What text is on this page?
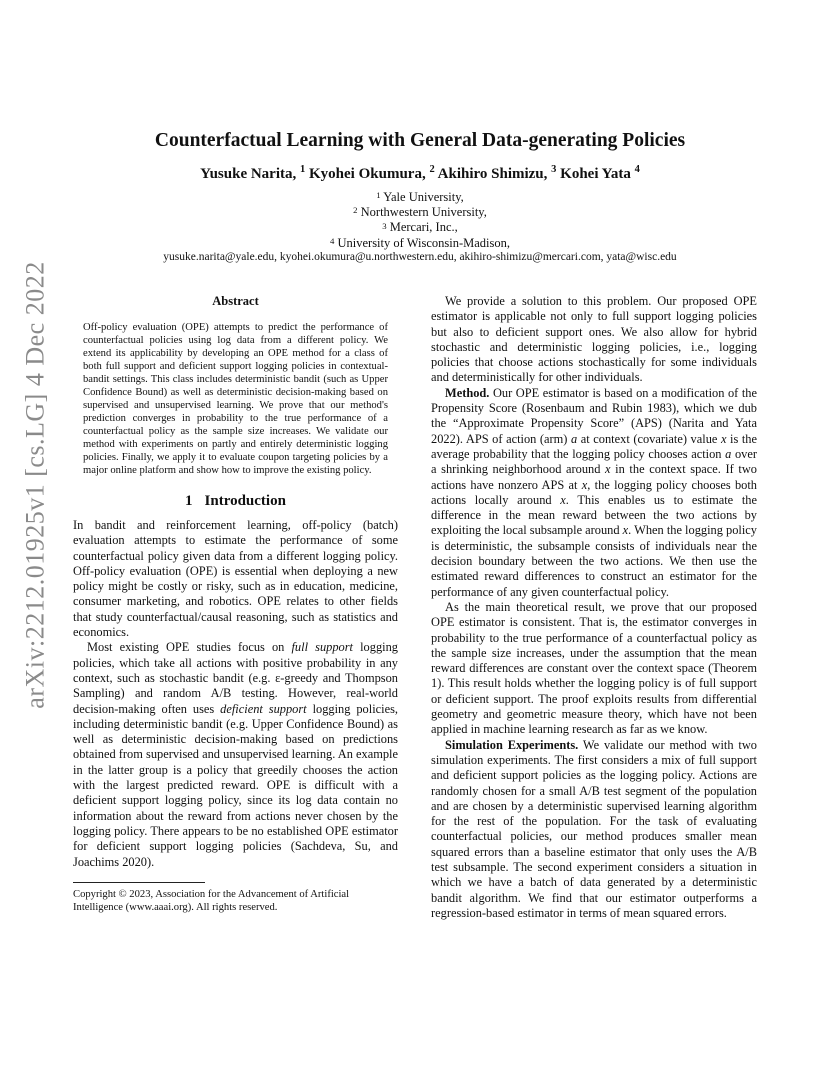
arXiv:2212.01925v1 [cs.LG] 4 Dec 2022
Counterfactual Learning with General Data-generating Policies
Yusuke Narita, $^1$ Kyohei Okumura, $^2$ Akihiro Shimizu, $^3$ Kohei Yata $^4$
$^1$ Yale University,
$^2$ Northwestern University,
$^3$ Mercari, Inc.,
$^4$ University of Wisconsin-Madison,
yusuke.narita@yale.edu, kyohei.okumura@u.northwestern.edu, akihiro-shimizu@mercari.com, yata@wisc.edu
Abstract

Off-policy evaluation (OPE) attempts to predict the performance of counterfactual policies using log data from a different policy. We extend its applicability by developing an OPE method for a class of both full support and deficient support logging policies in contextual-bandit settings. This class includes deterministic bandit (such as Upper Confidence Bound) as well as deterministic decision-making based on supervised and unsupervised learning. We prove that our method's prediction converges in probability to the true performance of a counterfactual policy as the sample size increases. We validate our method with experiments on partly and entirely deterministic logging policies. Finally, we apply it to evaluate coupon targeting policies by a major online platform and show how to improve the existing policy.

1 Introduction

In bandit and reinforcement learning, off-policy (batch) evaluation attempts to estimate the performance of some counterfactual policy given data from a different logging policy. Off-policy evaluation (OPE) is essential when deploying a new policy might be costly or risky, such as in education, medicine, consumer marketing, and robotics. OPE relates to other fields that study counterfactual/causal reasoning, such as statistics and economics.

Most existing OPE studies focus on full support logging policies, which take all actions with positive probability in any context, such as stochastic bandit (e.g. ε-greedy and Thompson Sampling) and random A/B testing. However, real-world decision-making often uses deficient support logging policies, including deterministic bandit (e.g. Upper Confidence Bound) as well as deterministic decision-making based on predictions obtained from supervised and unsupervised learning. An example in the latter group is a policy that greedily chooses the action with the largest predicted reward. OPE is difficult with a deficient support logging policy, since its log data contain no information about the reward from actions never chosen by the logging policy. There appears to be no established OPE estimator for deficient support logging policies (Sachdeva, Su, and Joachims 2020).

Copyright © 2023, Association for the Advancement of Artificial Intelligence (www.aaai.org). All rights reserved.

We provide a solution to this problem. Our proposed OPE estimator is applicable not only to full support logging policies but also to deficient support ones. We also allow for hybrid stochastic and deterministic logging policies, i.e., logging policies that choose actions stochastically for some individuals and deterministically for other individuals.

Method. Our OPE estimator is based on a modification of the Propensity Score (Rosenbaum and Rubin 1983), which we dub the “Approximate Propensity Score” (APS) (Narita and Yata 2022). APS of action (arm) a at context (covariate) value x is the average probability that the logging policy chooses action a over a shrinking neighborhood around x in the context space. If two actions have nonzero APS at x, the logging policy chooses both actions locally around x. This enables us to estimate the difference in the mean reward between the two actions by exploiting the local subsample around x. When the logging policy is deterministic, the subsample consists of individuals near the decision boundary between the two actions. We then use the estimated reward differences to construct an estimator for the performance of any given counterfactual policy.

As the main theoretical result, we prove that our proposed OPE estimator is consistent. That is, the estimator converges in probability to the true performance of a counterfactual policy as the sample size increases, under the assumption that the mean reward differences are constant over the context space (Theorem 1). This result holds whether the logging policy is of full support or deficient support. The proof exploits results from differential geometry and geometric measure theory, which have not been applied in machine learning research as far as we know.

Simulation Experiments. We validate our method with two simulation experiments. The first considers a mix of full support and deficient support policies as the logging policy. Actions are randomly chosen for a small A/B test segment of the population and are chosen by a deterministic supervised learning algorithm for the rest of the population. For the task of evaluating counterfactual policies, our method produces smaller mean squared errors than a baseline estimator that only uses the A/B test subsample. The second experiment considers a situation in which we have a batch of data generated by a deterministic bandit algorithm. We find that our estimator outperforms a regression-based estimator in terms of mean squared errors.
